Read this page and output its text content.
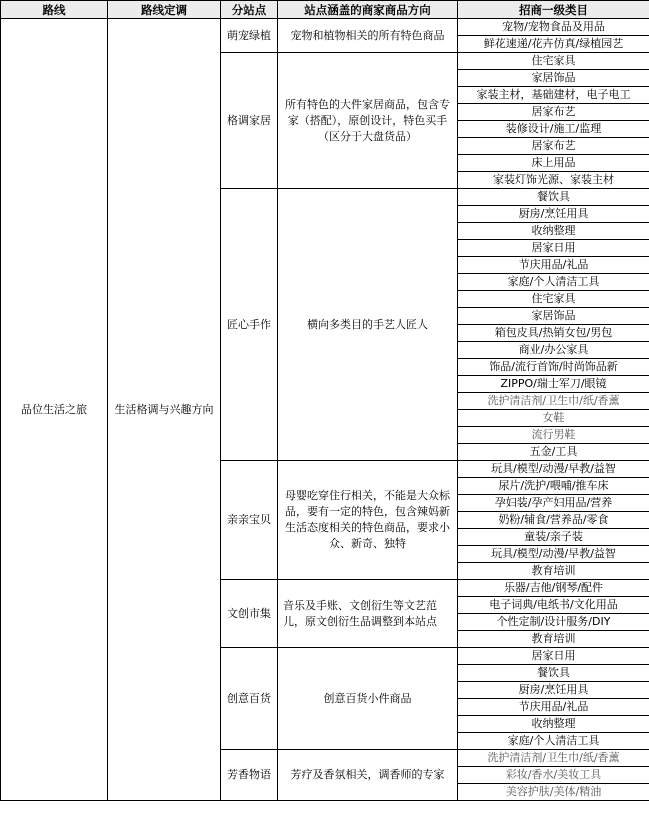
路线	路线定调	分站点	站点涵盖的商家商品方向	招商一级类目
品位生活之旅	生活格调与兴趣方向	萌宠绿植	宠物和植物相关的所有特色商品	宠物/宠物食品及用品
				鲜花速递/花卉仿真/绿植园艺
		格调家居	所有特色的大件家居商品，包含专家（搭配），原创设计，特色买手（区分于大盘货品）	住宅家具
				家居饰品
				家装主材，基础建材，电子电工
				居家布艺
				装修设计/施工/监理
				居家布艺
				床上用品
				家装灯饰光源、家装主材
		匠心手作	横向多类目的手艺人匠人	餐饮具
				厨房/烹饪用具
				收纳整理
				居家日用
				节庆用品/礼品
				家庭/个人清洁工具
				住宅家具
				家居饰品
				箱包皮具/热销女包/男包
				商业/办公家具
				饰品/流行首饰/时尚饰品新
				ZIPPO/瑞士军刀/眼镜
				洗护清洁剂/卫生巾/纸/香薰
				女鞋
				流行男鞋
				五金/工具
		亲亲宝贝	母婴吃穿住行相关，不能是大众标品，要有一定的特色，包含辣妈新生活态度相关的特色商品，要求小众、新奇、独特	玩具/模型/动漫/早教/益智
				尿片/洗护/喂哺/推车床
				孕妇装/孕产妇用品/营养
				奶粉/辅食/营养品/零食
				童装/亲子装
				玩具/模型/动漫/早教/益智
				教育培训
		文创市集	音乐及手账、文创衍生等文艺范儿，原文创衍生品调整到本站点	乐器/吉他/钢琴/配件
				电子词典/电纸书/文化用品
				个性定制/设计服务/DIY
				教育培训
		创意百货	创意百货小件商品	居家日用
				餐饮具
				厨房/烹饪用具
				节庆用品/礼品
				收纳整理
				家庭/个人清洁工具
		芳香物语	芳疗及香氛相关，调香师的专家	洗护清洁剂/卫生巾/纸/香薰
				彩妆/香水/美妆工具
				美容护肤/美体/精油
